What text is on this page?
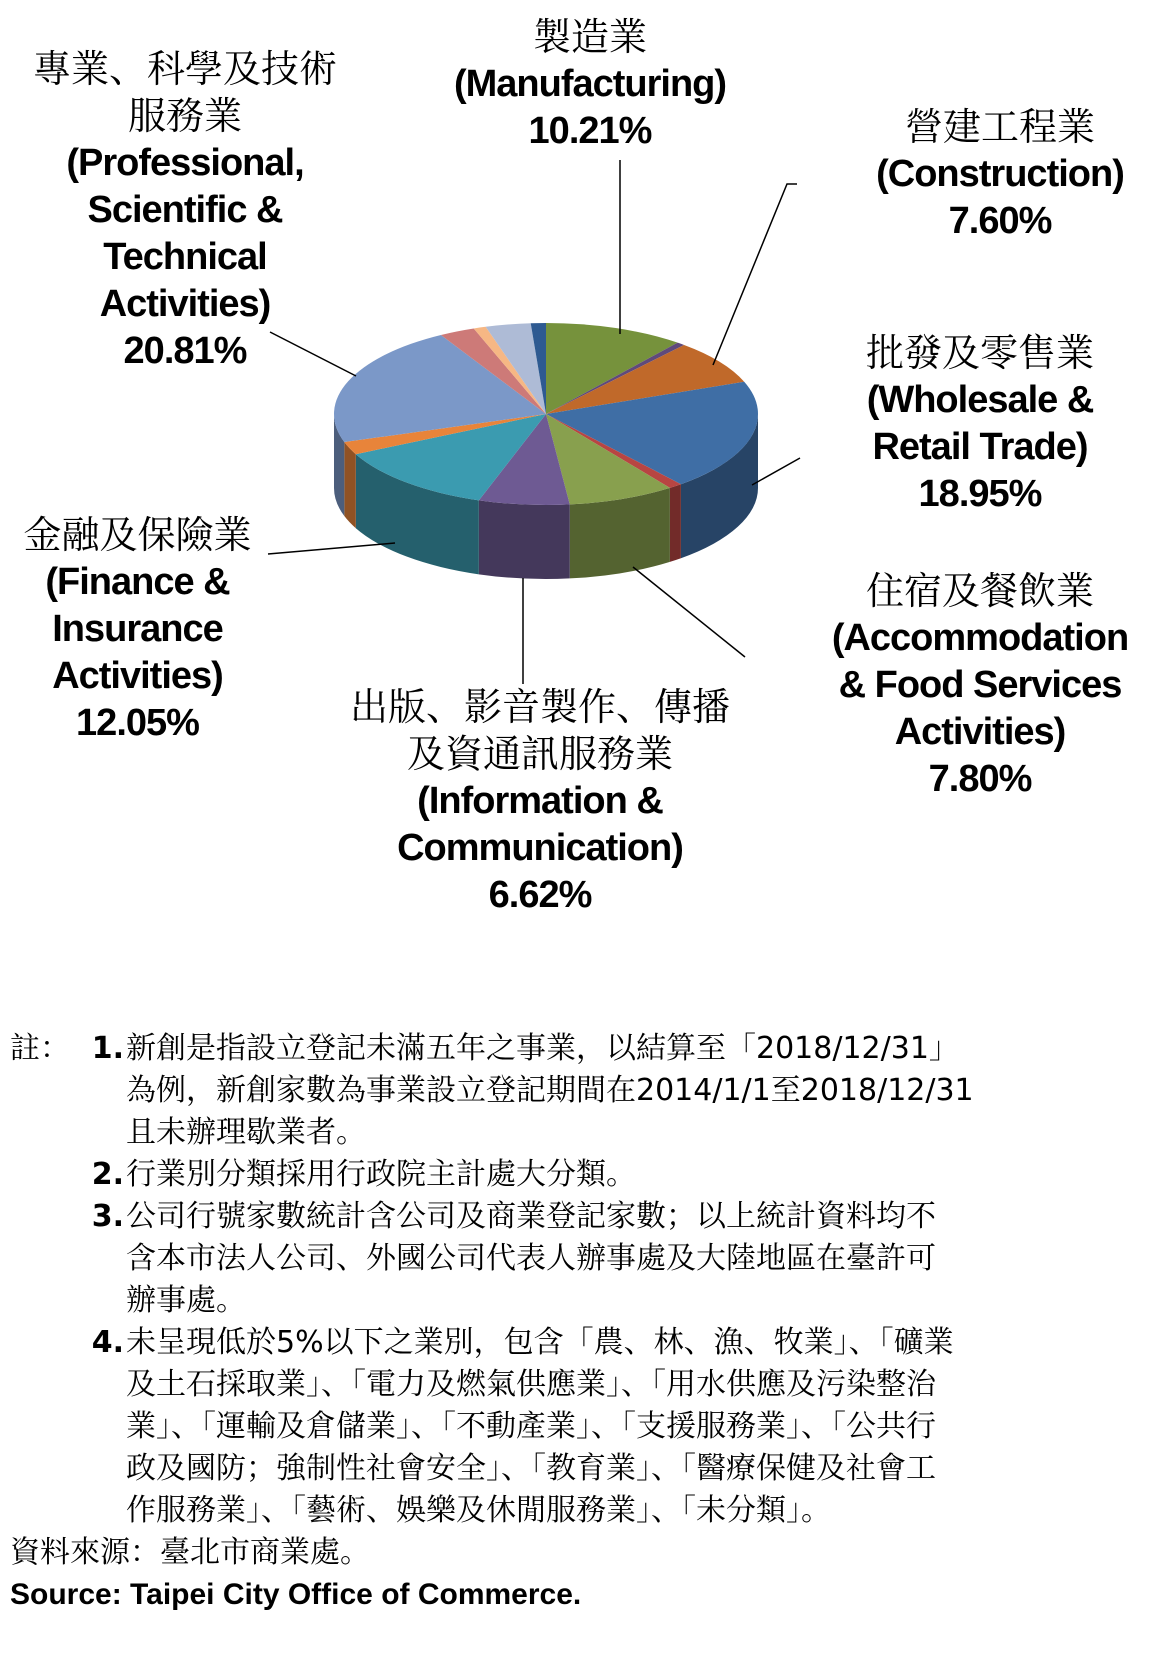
製造業
(Manufacturing)
10.21%	營建工程業
(Construction)
7.60%
批發及零售業
(Wholesale &
Retail Trade)
18.95%
住宿及餐飲業
(Accommodation
& Food Services
Activities)
7.80%
出版、影音製作、傳播
及資通訊服務業
(Information &
Communication)
6.62%
金融及保險業
(Finance &
Insurance
Activities)
12.05%
專業、科學及技術
服務業
(Professional,
Scientific &
Technical
Activities)
20.81%
註： 1. 新創是指設立登記未滿五年之事業，以結算至「2018/12/31」
為例，新創家數為事業設立登記期間在2014/1/1至2018/12/31
且未辦理歇業者。
2. 行業別分類採用行政院主計處大分類。
3. 公司行號家數統計含公司及商業登記家數；以上統計資料均不
含本市法人公司、外國公司代表人辦事處及大陸地區在臺許可
辦事處。
4. 未呈現低於5%以下之業別，包含「農、林、漁、牧業」、「礦業
及土石採取業」、「電力及燃氣供應業」、「用水供應及污染整治
業」、「運輸及倉儲業」、「不動產業」、「支援服務業」、「公共行
政及國防；強制性社會安全」、「教育業」、「醫療保健及社會工
作服務業」、「藝術、娛樂及休閒服務業」、「未分類」。
資料來源：臺北市商業處。
Source: Taipei City Office of Commerce.
